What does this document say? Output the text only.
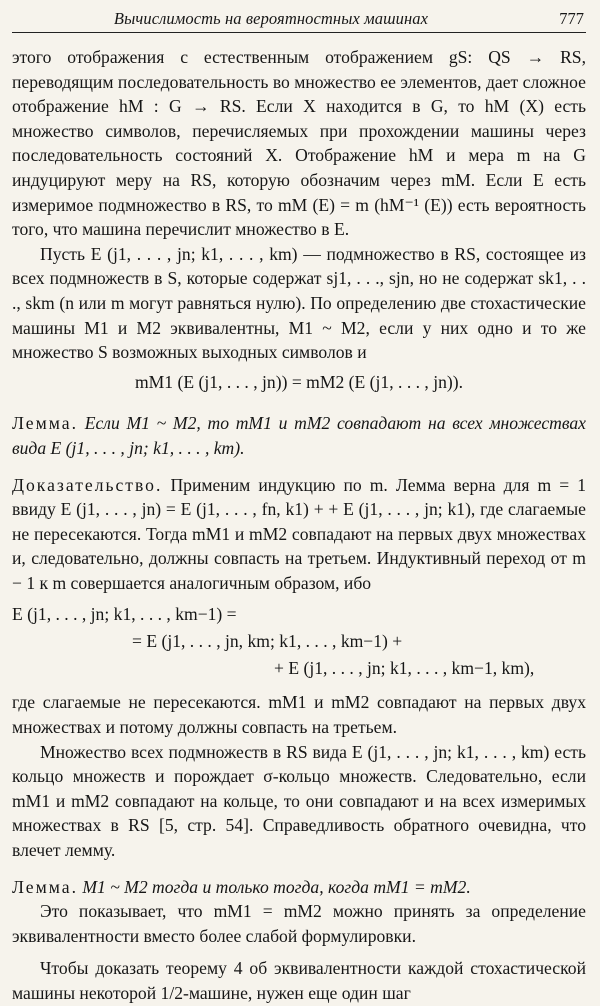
Вычислимость на вероятностных машинах	777

этого отображения с естественным отображением gS: QS → RS, переводящим последовательность во множество ее элементов, дает сложное отображение hM : G → RS. Если X находится в G, то hM (X) есть множество символов, перечисляемых при прохождении машины через последовательность состояний X. Отображение hM и мера m на G индуцируют меру на RS, которую обозначим через mM. Если E есть измеримое подмножество в RS, то mM (E) = m (hM⁻¹ (E)) есть вероятность того, что машина перечислит множество в E.

Пусть E (j1, . . . , jn; k1, . . . , km) — подмножество в RS, состоящее из всех подмножеств в S, которые содержат sj1, . . ., sjn, но не содержат sk1, . . ., skm (n или m могут равняться нулю). По определению две стохастические машины M1 и M2 эквивалентны, M1 ~ M2, если у них одно и то же множество S возможных выходных символов и

mM1 (E (j1, . . . , jn)) = mM2 (E (j1, . . . , jn)).

Лемма. Если M1 ~ M2, то mM1 и mM2 совпадают на всех множествах вида E (j1, . . . , jn; k1, . . . , km).

Доказательство. Применим индукцию по m. Лемма верна для m = 1 ввиду E (j1, . . . , jn) = E (j1, . . . , fn, k1) + + E (j1, . . . , jn; k1), где слагаемые не пересекаются. Тогда mM1 и mM2 совпадают на первых двух множествах и, следовательно, должны совпасть на третьем. Индуктивный переход от m − 1 к m совершается аналогичным образом, ибо

E (j1, . . . , jn; k1, . . . , km−1) =
= E (j1, . . . , jn, km; k1, . . . , km−1) +
+ E (j1, . . . , jn; k1, . . . , km−1, km),

где слагаемые не пересекаются. mM1 и mM2 совпадают на первых двух множествах и потому должны совпасть на третьем.

Множество всех подмножеств в RS вида E (j1, . . . , jn; k1, . . . , km) есть кольцо множеств и порождает σ-кольцо множеств. Следовательно, если mM1 и mM2 совпадают на кольце, то они совпадают и на всех измеримых множествах в RS [5, стр. 54]. Справедливость обратного очевидна, что влечет лемму.

Лемма. M1 ~ M2 тогда и только тогда, когда mM1 = mM2.

Это показывает, что mM1 = mM2 можно принять за определение эквивалентности вместо более слабой формулировки.

Чтобы доказать теорему 4 об эквивалентности каждой стохастической машины некоторой 1/2-машине, нужен еще один шаг
